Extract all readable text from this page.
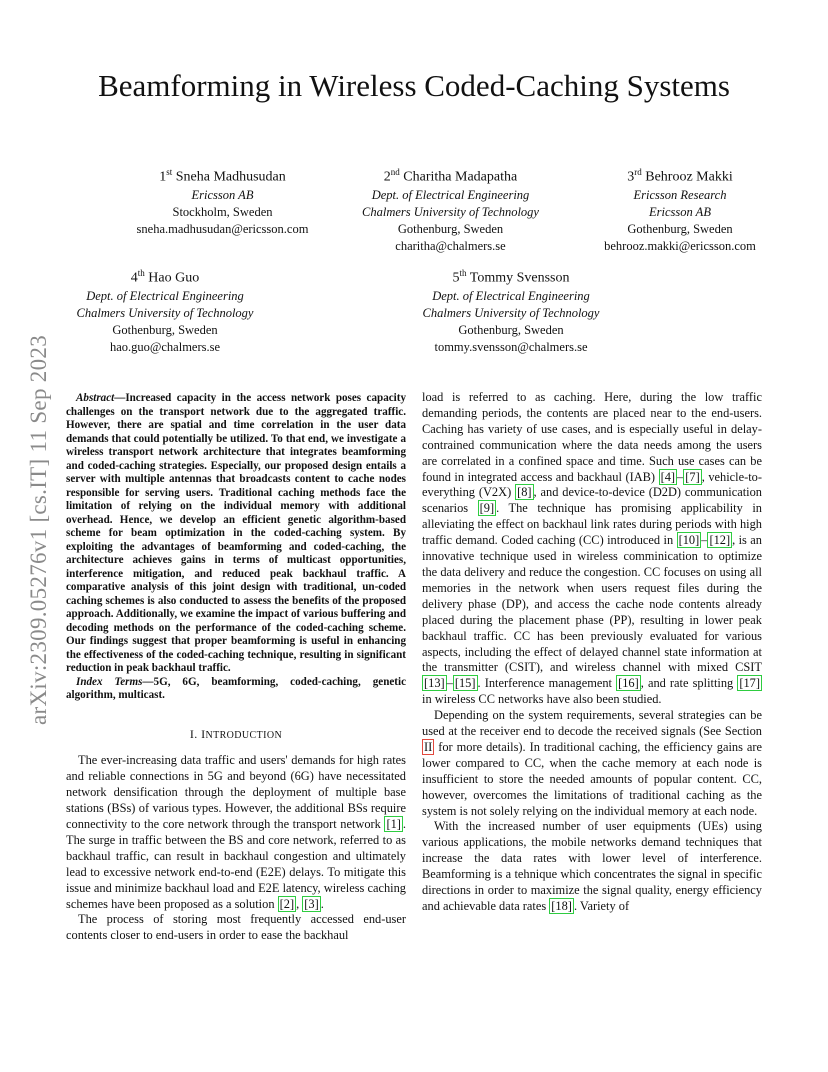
arXiv:2309.05276v1 [cs.IT] 11 Sep 2023
Beamforming in Wireless Coded-Caching Systems
1st Sneha Madhusudan
Ericsson AB
Stockholm, Sweden
sneha.madhusudan@ericsson.com
2nd Charitha Madapatha
Dept. of Electrical Engineering
Chalmers University of Technology
Gothenburg, Sweden
charitha@chalmers.se
3rd Behrooz Makki
Ericsson Research
Ericsson AB
Gothenburg, Sweden
behrooz.makki@ericsson.com
4th Hao Guo
Dept. of Electrical Engineering
Chalmers University of Technology
Gothenburg, Sweden
hao.guo@chalmers.se
5th Tommy Svensson
Dept. of Electrical Engineering
Chalmers University of Technology
Gothenburg, Sweden
tommy.svensson@chalmers.se

Abstract—Increased capacity in the access network poses capacity challenges on the transport network due to the aggregated traffic. However, there are spatial and time correlation in the user data demands that could potentially be utilized. To that end, we investigate a wireless transport network architecture that integrates beamforming and coded-caching strategies. Especially, our proposed design entails a server with multiple antennas that broadcasts content to cache nodes responsible for serving users. Traditional caching methods face the limitation of relying on the individual memory with additional overhead. Hence, we develop an efficient genetic algorithm-based scheme for beam optimization in the coded-caching system. By exploiting the advantages of beamforming and coded-caching, the architecture achieves gains in terms of multicast opportunities, interference mitigation, and reduced peak backhaul traffic. A comparative analysis of this joint design with traditional, un-coded caching schemes is also conducted to assess the benefits of the proposed approach. Additionally, we examine the impact of various buffering and decoding methods on the performance of the coded-caching scheme. Our findings suggest that proper beamforming is useful in enhancing the effectiveness of the coded-caching technique, resulting in significant reduction in peak backhaul traffic.

Index Terms—5G, 6G, beamforming, coded-caching, genetic algorithm, multicast.

I. INTRODUCTION

The ever-increasing data traffic and users' demands for high rates and reliable connections in 5G and beyond (6G) have necessitated network densification through the deployment of multiple base stations (BSs) of various types. However, the additional BSs require connectivity to the core network through the transport network [1] . The surge in traffic between the BS and core network, referred to as backhaul traffic, can result in backhaul congestion and ultimately lead to excessive network end-to-end (E2E) delays. To mitigate this issue and minimize backhaul load and E2E latency, wireless caching schemes have been proposed as a solution [2] , [3] .

The process of storing most frequently accessed end-user contents closer to end-users in order to ease the backhaul

load is referred to as caching. Here, during the low traffic demanding periods, the contents are placed near to the end-users. Caching has variety of use cases, and is especially useful in delay-contrained communication where the data needs among the users are correlated in a confined space and time. Such use cases can be found in integrated access and backhaul (IAB) [4] – [7] , vehicle-to-everything (V2X) [8] , and device-to-device (D2D) communication scenarios [9] . The technique has promising applicability in alleviating the effect on backhaul link rates during periods with high traffic demand. Coded caching (CC) introduced in [10] – [12] , is an innovative technique used in wireless comminication to optimize the data delivery and reduce the congestion. CC focuses on using all memories in the network when users request files during the delivery phase (DP), and access the cache node contents already placed during the placement phase (PP), resulting in lower peak backhaul traffic. CC has been previously evaluated for various aspects, including the effect of delayed channel state information at the transmitter (CSIT), and wireless channel with mixed CSIT [13] – [15] . Interference management [16] , and rate splitting [17] in wireless CC networks have also been studied.

Depending on the system requirements, several strategies can be used at the receiver end to decode the received signals (See Section II for more details). In traditional caching, the efficiency gains are lower compared to CC, when the cache memory at each node is insufficient to store the needed amounts of popular content. CC, however, overcomes the limitations of traditional caching as the system is not solely relying on the individual memory at each node.

With the increased number of user equipments (UEs) using various applications, the mobile networks demand techniques that increase the data rates with lower level of interference. Beamforming is a tehnique which concentrates the signal in specific directions in order to maximize the signal quality, energy efficiency and achievable data rates [18] . Variety of
